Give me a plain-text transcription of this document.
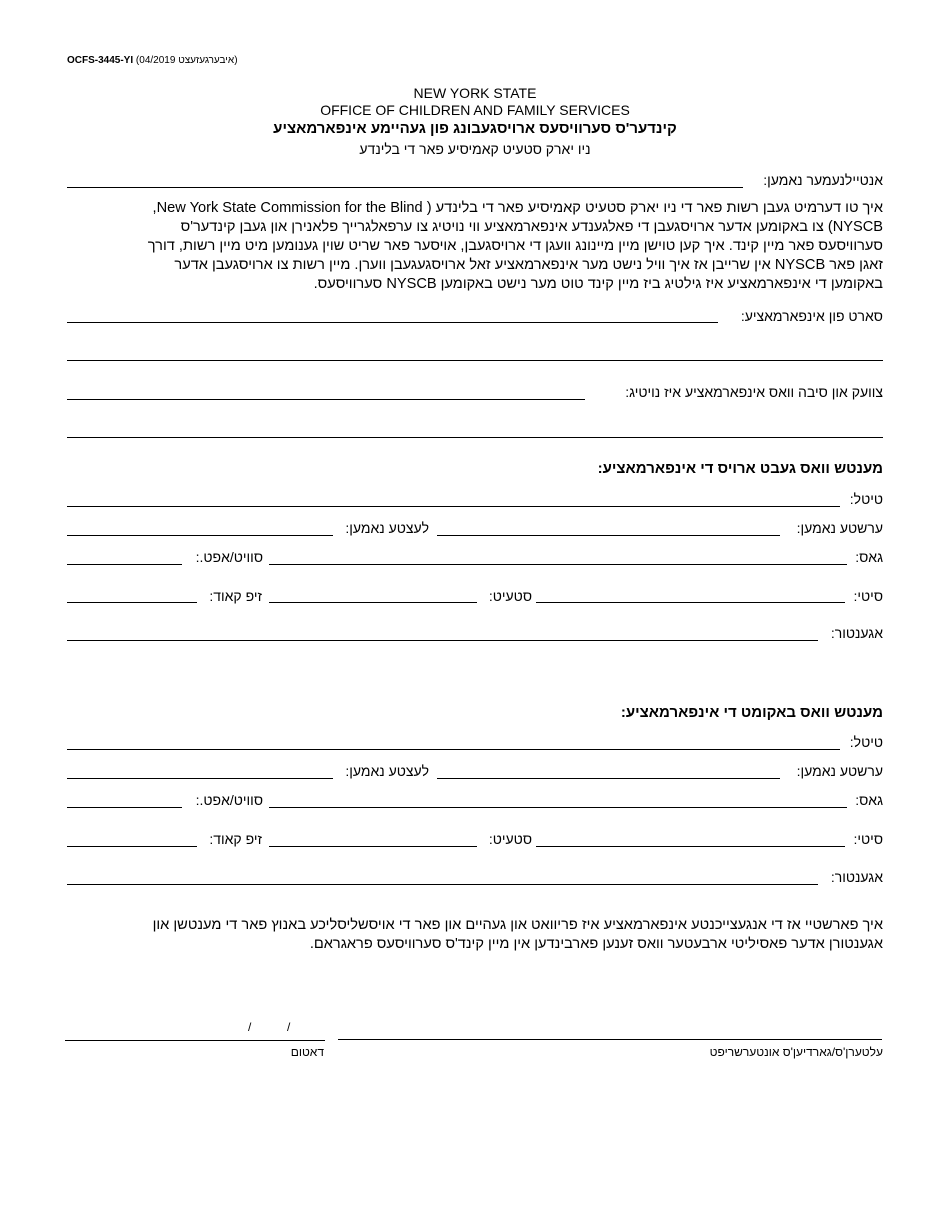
OCFS-3445-YI (04/2019 איבערגעזעצט)
NEW YORK STATE
OFFICE OF CHILDREN AND FAMILY SERVICES
קינדער'ס סערוויסעס ארויסגעבונג פון געהיימע אינפארמאציע
ניו יארק סטעיט קאמיסיע פאר די בלינדע
אנטיילנעמער נאמען:
איך טו דערמיט געבן רשות פאר די ניו יארק סטעיט קאמיסיע פאר די בלינדע ( New York State Commission for the Blind,
NYSCB) צו באקומען אדער ארויסגעבן די פאלגענדע אינפארמאציע ווי נויטיג צו ערפאלגרייך פלאנירן און געבן קינדער'ס
סערוויסעס פאר מיין קינד. איך קען טוישן מיין מיינונג וועגן די ארויסגעבן, אויסער פאר שריט שוין גענומען מיט מיין רשות, דורך
זאגן פאר NYSCB אין שרייבן אז איך וויל נישט מער אינפארמאציע זאל ארויסגעגעבן ווערן. מיין רשות צו ארויסגעבן אדער
באקומען די אינפארמאציע איז גילטיג ביז מיין קינד טוט מער נישט באקומען NYSCB סערוויסעס.
סארט פון אינפארמאציע:
צוועק און סיבה וואס אינפארמאציע איז נויטיג:
מענטש וואס געבט ארויס די אינפארמאציע:
טיטל:
ערשטע נאמען:
לעצטע נאמען:
גאס:
סוויט/אפט.:
סיטי:
סטעיט:
זיפ קאוד:
אגענטור:
מענטש וואס באקומט די אינפארמאציע:
טיטל:
ערשטע נאמען:
לעצטע נאמען:
גאס:
סוויט/אפט.:
סיטי:
סטעיט:
זיפ קאוד:
אגענטור:
איך פארשטיי אז די אנגעצייכנטע אינפארמאציע איז פריוואט און געהיים און פאר די אויסשליסליכע באנוץ פאר די מענטשן און
אגענטורן אדער פאסיליטי ארבעטער וואס זענען פארבינדען אין מיין קינד'ס סערוויסעס פראגראם.
/	/
דאטום	עלטערן'ס/גארדיען'ס אונטערשריפט
